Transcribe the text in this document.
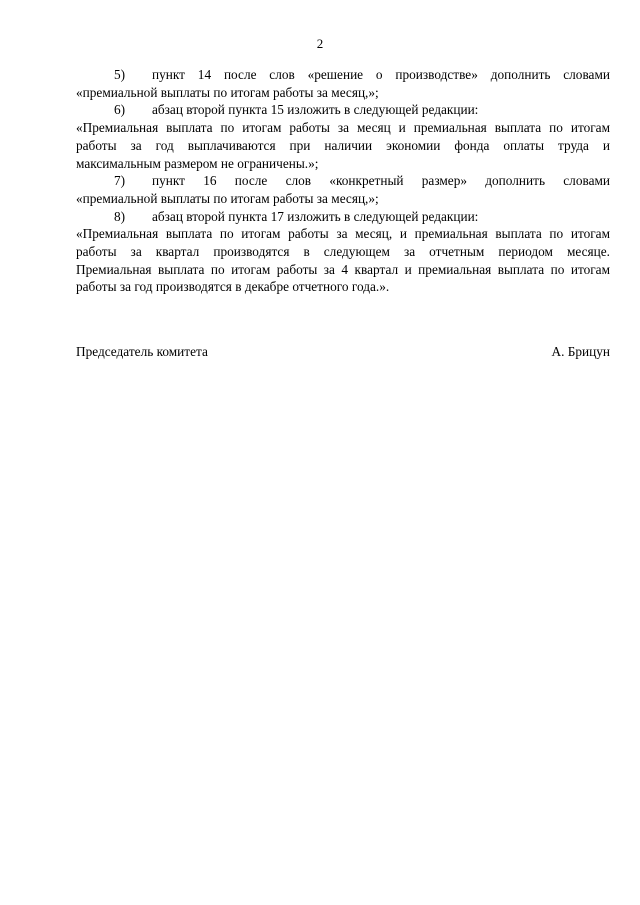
2
5)	пункт 14 после слов «решение о производстве» дополнить словами
«премиальной выплаты по итогам работы за месяц,»;
6)	абзац второй пункта 15 изложить в следующей редакции:
«Премиальная выплата по итогам работы за месяц и премиальная выплата по итогам
работы за год выплачиваются при наличии экономии фонда оплаты труда и
максимальным размером не ограничены.»;
7)	пункт 16 после слов «конкретный размер» дополнить словами
«премиальной выплаты по итогам работы за месяц,»;
8)	абзац второй пункта 17 изложить в следующей редакции:
«Премиальная выплата по итогам работы за месяц, и премиальная выплата по итогам
работы за квартал производятся в следующем за отчетным периодом месяце.
Премиальная выплата по итогам работы за 4 квартал и премиальная выплата по итогам
работы за год производятся в декабре отчетного года.».
Председатель комитета	А. Брицун
